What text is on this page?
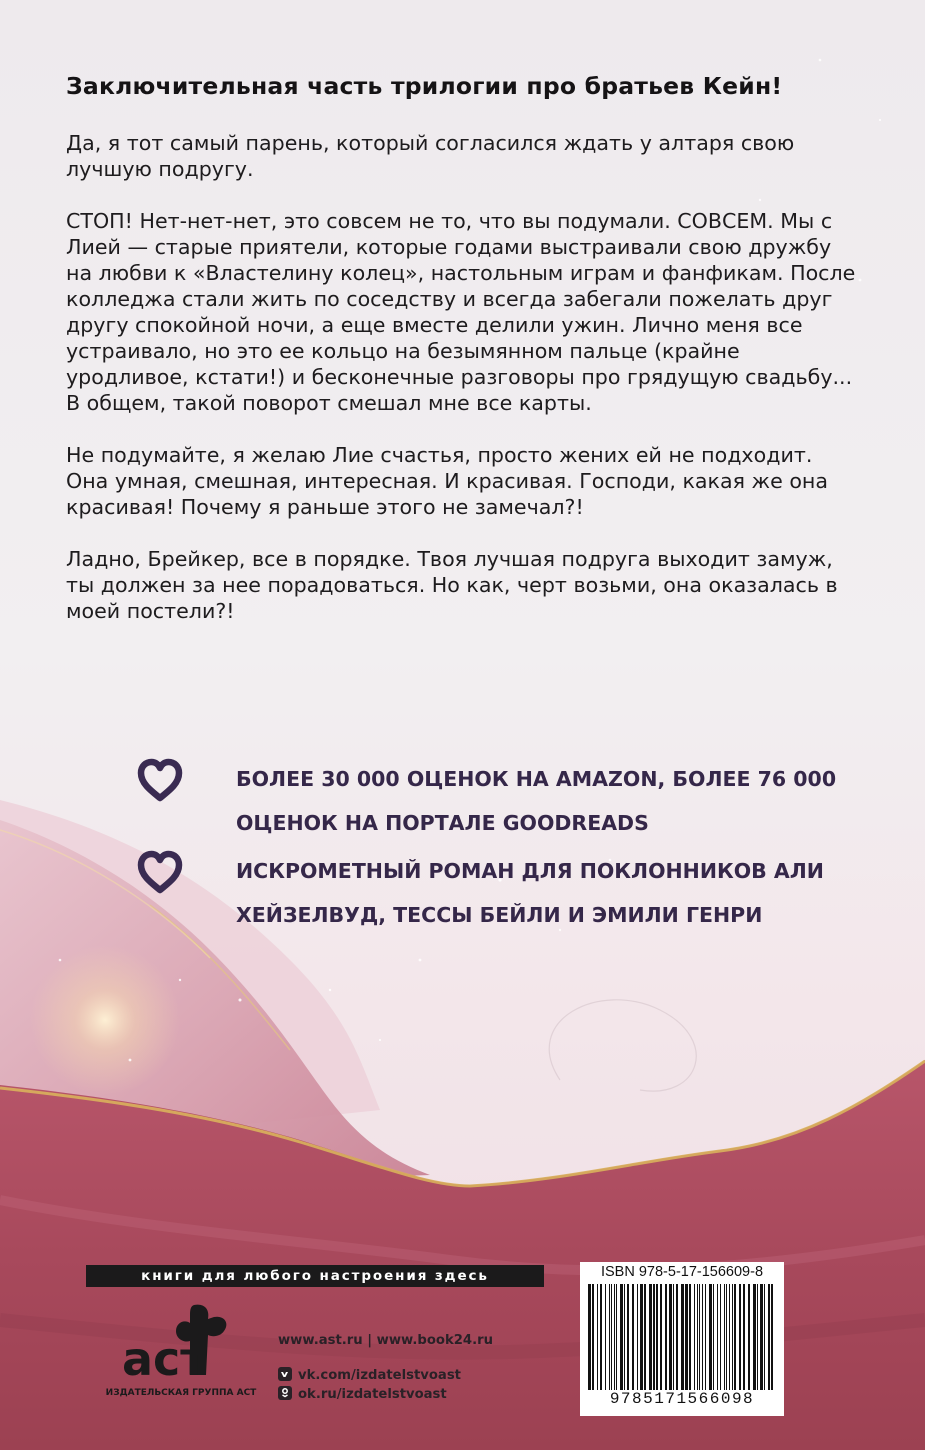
Заключительная часть трилогии про братьев Кейн!

Да, я тот самый парень, который согласился ждать у алтаря свою лучшую подругу.

СТОП! Нет-нет-нет, это совсем не то, что вы подумали. СОВСЕМ. Мы с Лией — старые приятели, которые годами выстраивали свою дружбу на любви к «Властелину колец», настольным играм и фанфикам. После колледжа стали жить по соседству и всегда забегали пожелать друг другу спокойной ночи, а еще вместе делили ужин. Лично меня все устраивало, но это ее кольцо на безымянном пальце (крайне уродливое, кстати!) и бесконечные разговоры про грядущую свадьбу... В общем, такой поворот смешал мне все карты.

Не подумайте, я желаю Лие счастья, просто жених ей не подходит. Она умная, смешная, интересная. И красивая. Господи, какая же она красивая! Почему я раньше этого не замечал?!

Ладно, Брейкер, все в порядке. Твоя лучшая подруга выходит замуж, ты должен за нее порадоваться. Но как, черт возьми, она оказалась в моей постели?!

БОЛЕЕ 30 000 ОЦЕНОК НА AMAZON, БОЛЕЕ 76 000 ОЦЕНОК НА ПОРТАЛЕ GOODREADS

ИСКРОМЕТНЫЙ РОМАН ДЛЯ ПОКЛОННИКОВ АЛИ ХЕЙЗЕЛВУД, ТЕССЫ БЕЙЛИ И ЭМИЛИ ГЕНРИ

книги для любого настроения здесь
аст
ИЗДАТЕЛЬСКАЯ ГРУППА АСТ
www.ast.ru | www.book24.ru
vk.com/izdatelstvoast
ok.ru/izdatelstvoast
ISBN 978-5-17-156609-8
9785171566098
